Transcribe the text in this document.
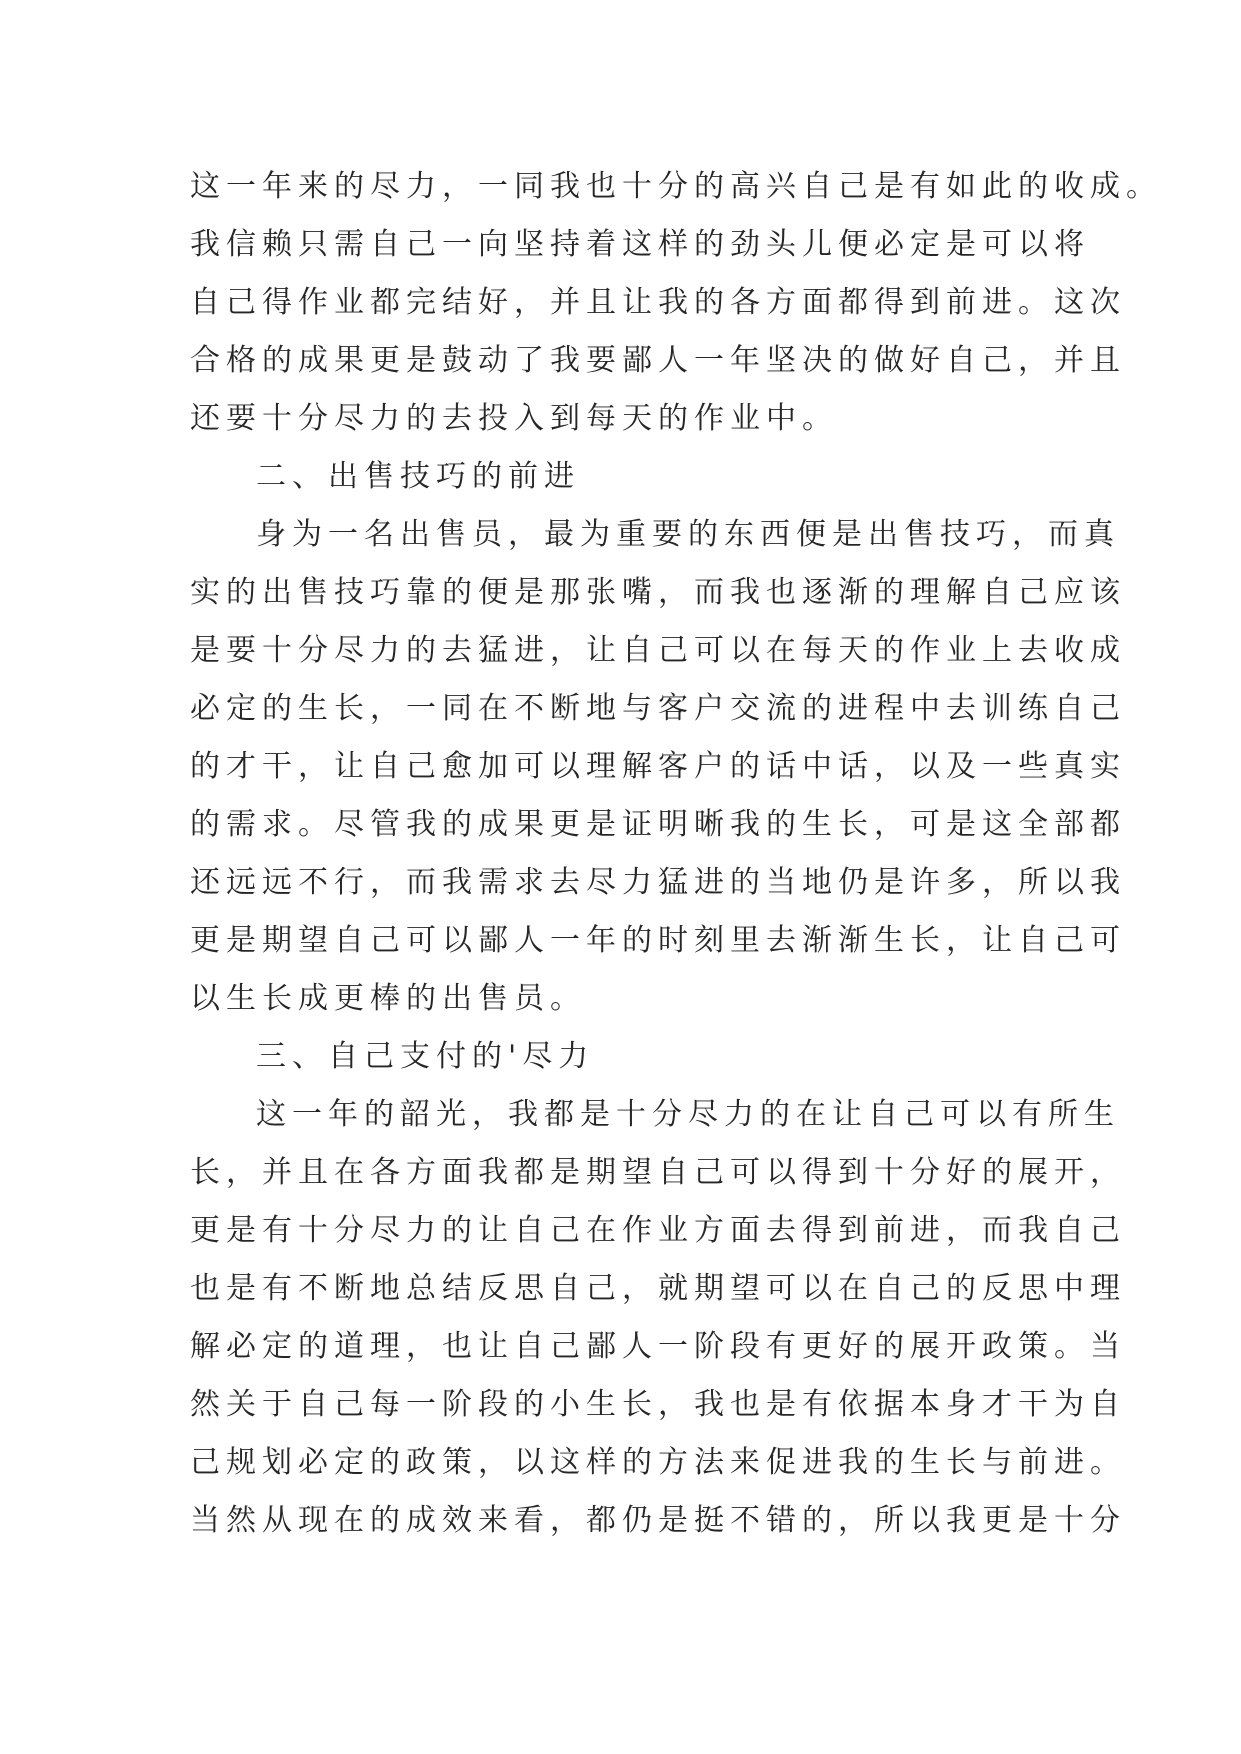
这一年来的尽力，一同我也十分的高兴自己是有如此的收成。
我信赖只需自己一向坚持着这样的劲头儿便必定是可以将
自己得作业都完结好，并且让我的各方面都得到前进。这次
合格的成果更是鼓动了我要鄙人一年坚决的做好自己，并且
还要十分尽力的去投入到每天的作业中。
二、出售技巧的前进
身为一名出售员，最为重要的东西便是出售技巧，而真
实的出售技巧靠的便是那张嘴，而我也逐渐的理解自己应该
是要十分尽力的去猛进，让自己可以在每天的作业上去收成
必定的生长，一同在不断地与客户交流的进程中去训练自己
的才干，让自己愈加可以理解客户的话中话，以及一些真实
的需求。尽管我的成果更是证明晰我的生长，可是这全部都
还远远不行，而我需求去尽力猛进的当地仍是许多，所以我
更是期望自己可以鄙人一年的时刻里去渐渐生长，让自己可
以生长成更棒的出售员。
三、自己支付的'尽力
这一年的韶光，我都是十分尽力的在让自己可以有所生
长，并且在各方面我都是期望自己可以得到十分好的展开，
更是有十分尽力的让自己在作业方面去得到前进，而我自己
也是有不断地总结反思自己，就期望可以在自己的反思中理
解必定的道理，也让自己鄙人一阶段有更好的展开政策。当
然关于自己每一阶段的小生长，我也是有依据本身才干为自
己规划必定的政策，以这样的方法来促进我的生长与前进。
当然从现在的成效来看，都仍是挺不错的，所以我更是十分
